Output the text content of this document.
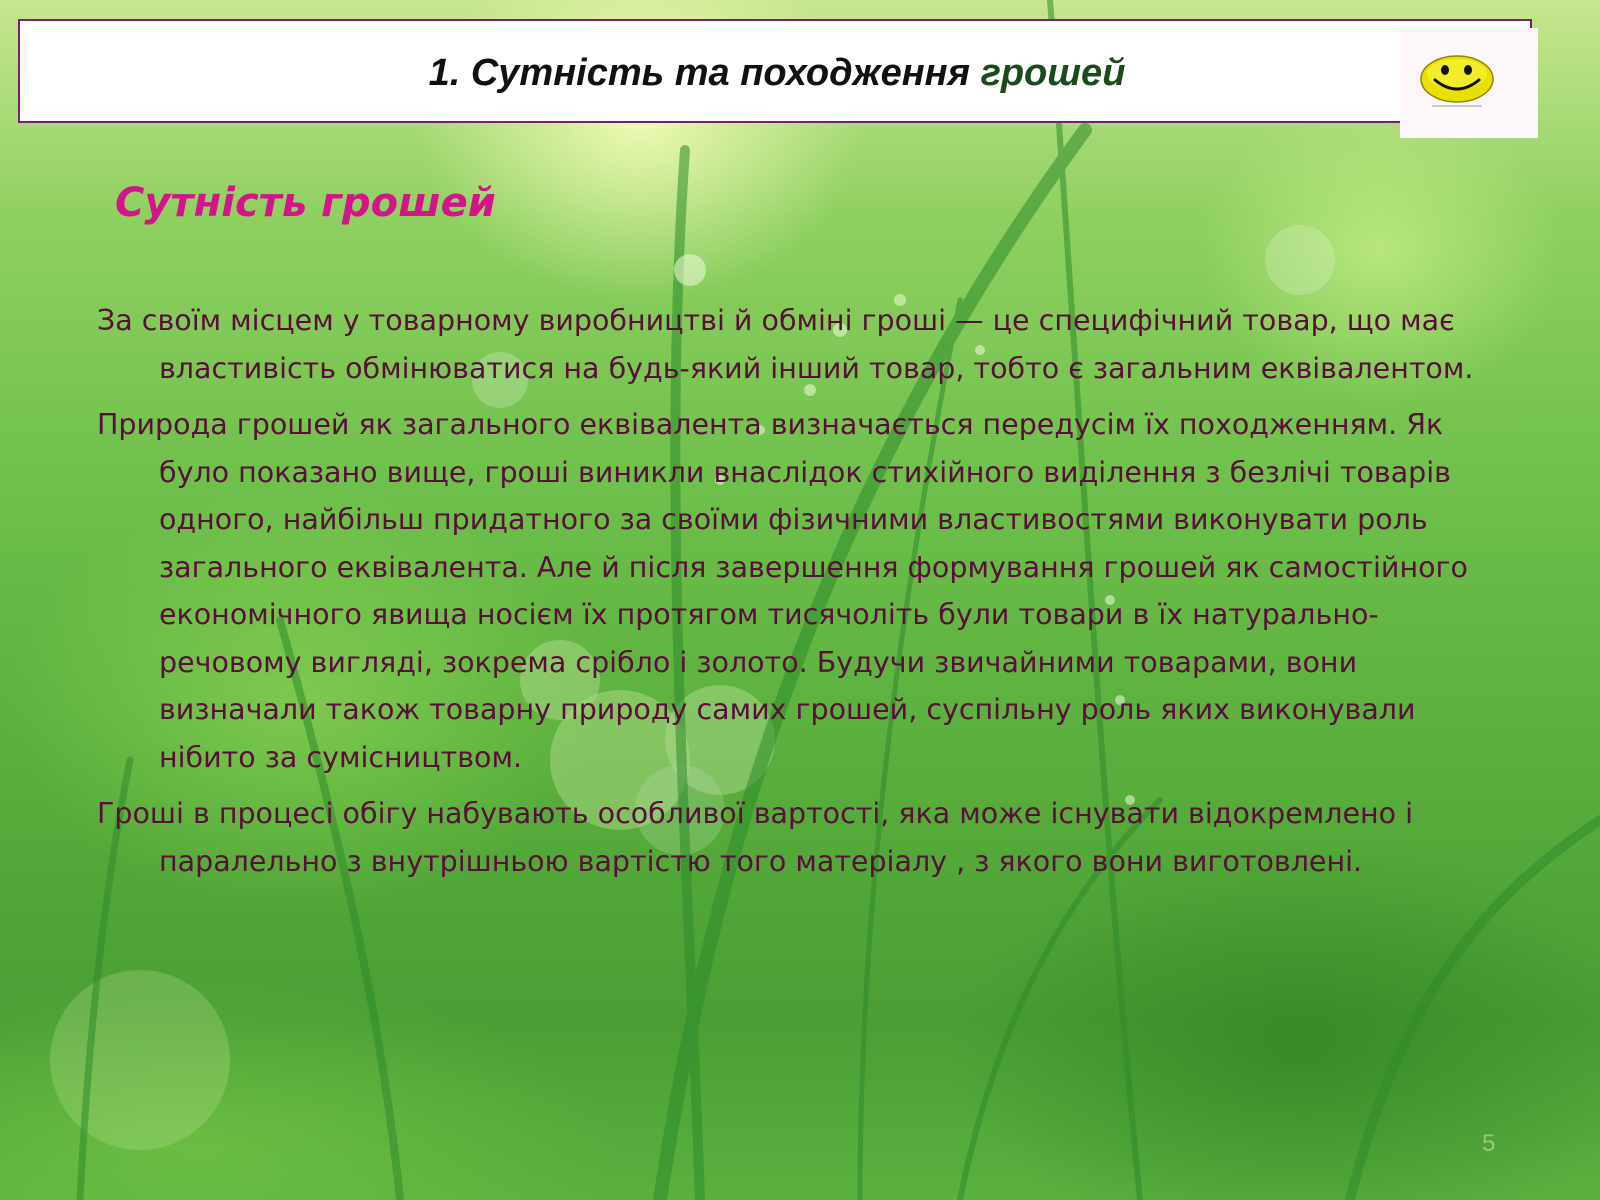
1. Сутність та походження грошей
Сутність грошей

За своїм місцем у товарному виробництві й обміні гроші — це специфічний товар, що має властивість обмінюватися на будь-який інший товар, тобто є загальним еквівалентом.

Природа грошей як загального еквівалента визначається передусім їх походженням. Як було показано вище, гроші виникли внаслідок стихійного виділення з безлічі товарів одного, найбільш придатного за своїми фізичними властивостями виконувати роль загального еквівалента. Але й після завершення формування грошей як самостійного економічного явища носієм їх протягом тисячоліть були товари в їх натурально-речовому вигляді, зокрема срібло і золото. Будучи звичайними товарами, вони визначали також товарну природу самих грошей, суспільну роль яких виконували нібито за сумісництвом.

Гроші в процесі обігу набувають особливої вартості, яка може існувати відокремлено і паралельно з внутрішньою вартістю того матеріалу , з якого вони виготовлені.

5
